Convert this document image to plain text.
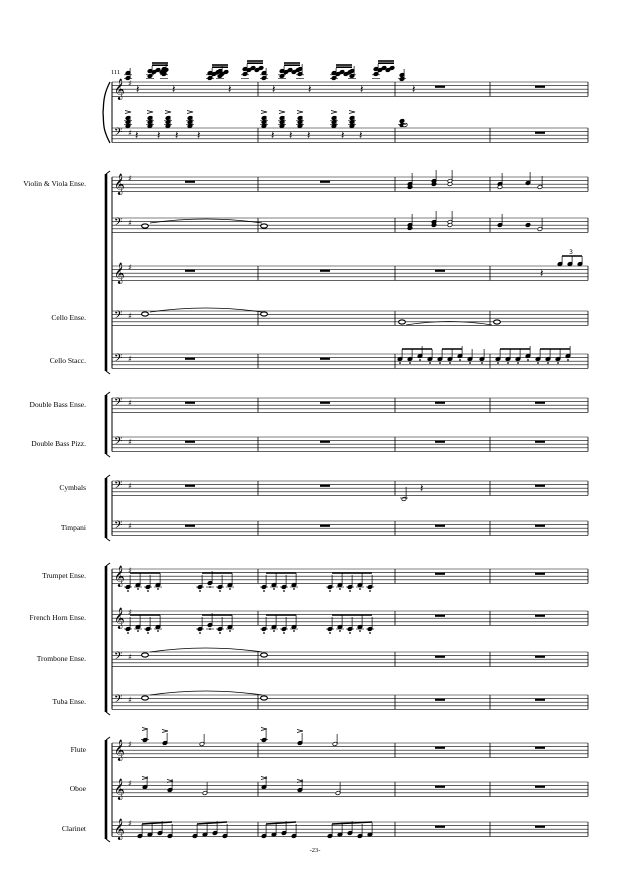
𝄞 ♯
𝄢 ♯
𝄞 ♯
𝄢 ♯
𝄞 ♯
𝄢 ♯
𝄢 ♯
𝄢 ♯
𝄢 ♯
𝄢 ♯
𝄢 ♯
𝄞 ♯
𝄞 ♯
𝄢 ♯
𝄢 ♯
𝄞 ♯
𝄞 ♯
𝄞 ♯
Violin & Viola Ense.
Cello Ense.
Cello Stacc.
Double Bass Ense.
Double Bass Pizz.
Cymbals
Timpani
Trumpet Ense.
French Horn Ense.
Trombone Ense.
Tuba Ense.
Flute
Oboe
Clarinet
𝄽	𝄽	𝄽	𝄽	𝄽	𝄽	𝄽
𝄽 𝄽 𝄽 𝄽	𝄽 𝄽 𝄽	𝄽 𝄽
𝄽
3
𝄽
111
-23-
